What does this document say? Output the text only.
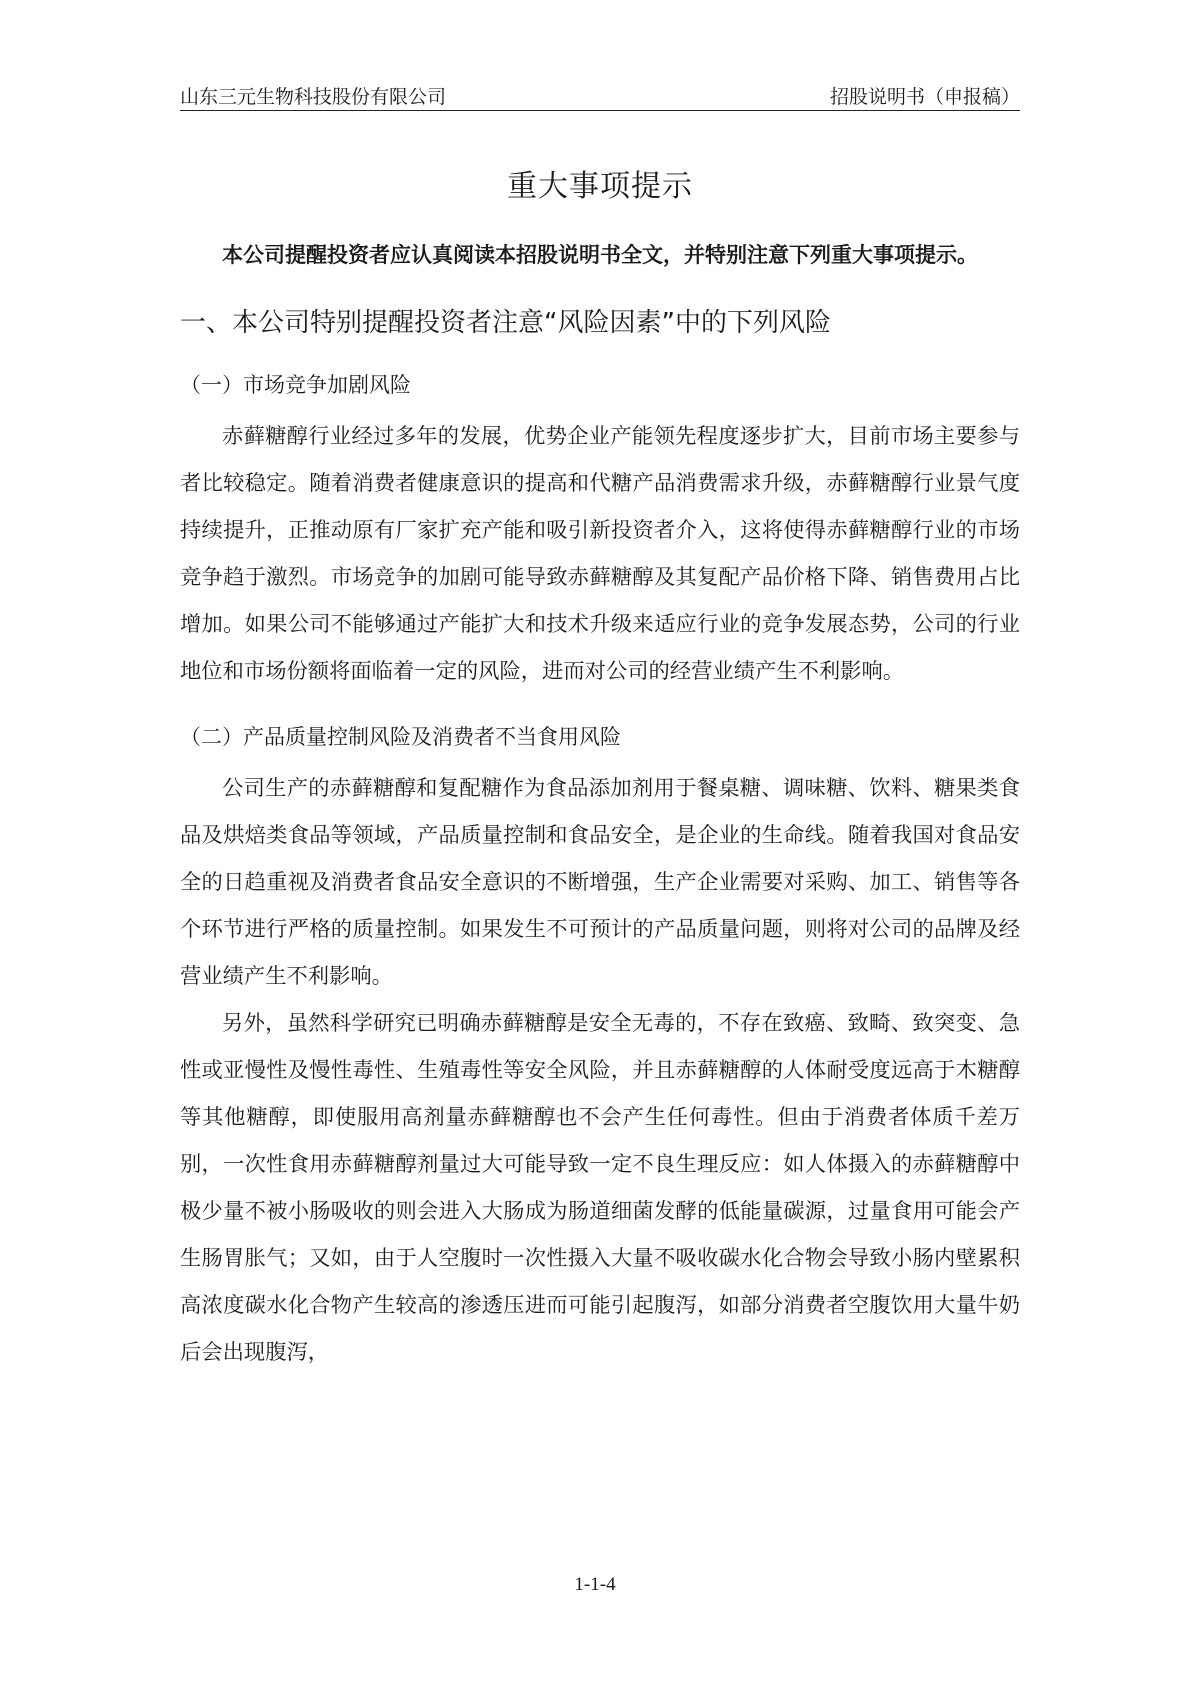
山东三元生物科技股份有限公司	招股说明书（申报稿）
重大事项提示

本公司提醒投资者应认真阅读本招股说明书全文，并特别注意下列重大事项提示。

一、本公司特别提醒投资者注意“风险因素”中的下列风险
（一）市场竞争加剧风险

赤藓糖醇行业经过多年的发展，优势企业产能领先程度逐步扩大，目前市场主要参与者比较稳定。随着消费者健康意识的提高和代糖产品消费需求升级，赤藓糖醇行业景气度持续提升，正推动原有厂家扩充产能和吸引新投资者介入，这将使得赤藓糖醇行业的市场竞争趋于激烈。市场竞争的加剧可能导致赤藓糖醇及其复配产品价格下降、销售费用占比增加。如果公司不能够通过产能扩大和技术升级来适应行业的竞争发展态势，公司的行业地位和市场份额将面临着一定的风险，进而对公司的经营业绩产生不利影响。

（二）产品质量控制风险及消费者不当食用风险

公司生产的赤藓糖醇和复配糖作为食品添加剂用于餐桌糖、调味糖、饮料、糖果类食品及烘焙类食品等领域，产品质量控制和食品安全，是企业的生命线。随着我国对食品安全的日趋重视及消费者食品安全意识的不断增强，生产企业需要对采购、加工、销售等各个环节进行严格的质量控制。如果发生不可预计的产品质量问题，则将对公司的品牌及经营业绩产生不利影响。

另外，虽然科学研究已明确赤藓糖醇是安全无毒的，不存在致癌、致畸、致突变、急性或亚慢性及慢性毒性、生殖毒性等安全风险，并且赤藓糖醇的人体耐受度远高于木糖醇等其他糖醇，即使服用高剂量赤藓糖醇也不会产生任何毒性。但由于消费者体质千差万别，一次性食用赤藓糖醇剂量过大可能导致一定不良生理反应：如人体摄入的赤藓糖醇中极少量不被小肠吸收的则会进入大肠成为肠道细菌发酵的低能量碳源，过量食用可能会产生肠胃胀气；又如，由于人空腹时一次性摄入大量不吸收碳水化合物会导致小肠内壁累积高浓度碳水化合物产生较高的渗透压进而可能引起腹泻，如部分消费者空腹饮用大量牛奶后会出现腹泻，

1-1-4
